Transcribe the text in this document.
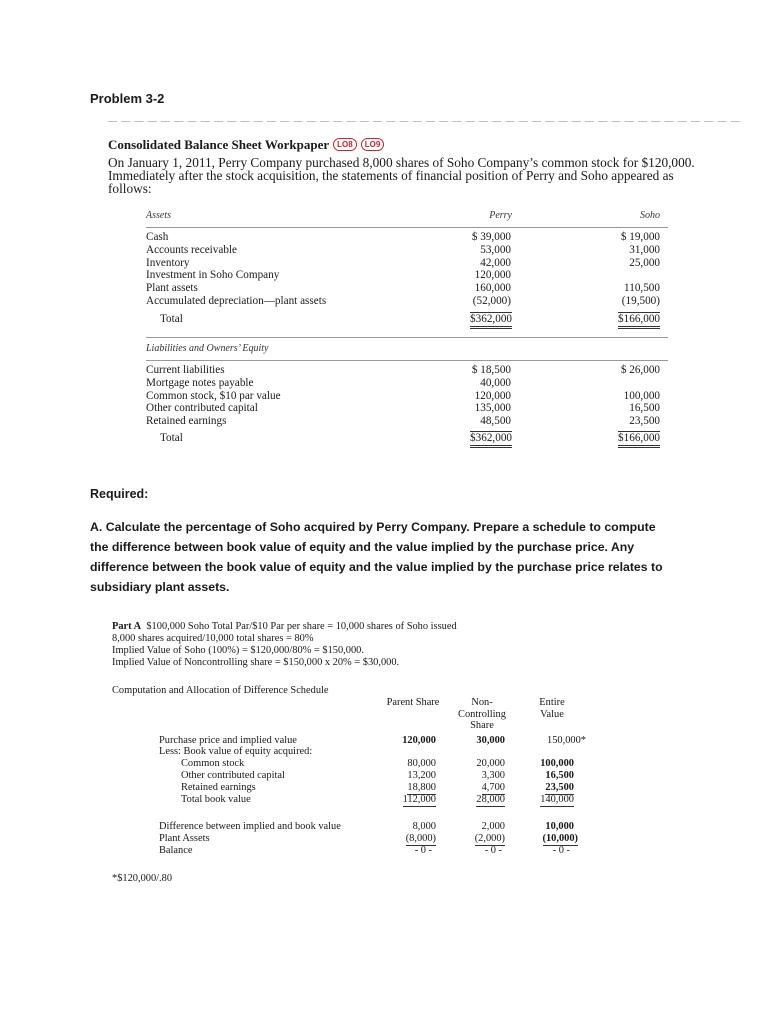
Problem 3-2
— — — — — — — — — — — — — — — — — — — — — — — — — — — — — — — — — — — — — — — — — — — — — — — —
Consolidated Balance Sheet Workpaper LO8 LO9
On January 1, 2011, Perry Company purchased 8,000 shares of Soho Company’s common stock for $120,000. Immediately after the stock acquisition, the statements of financial position of Perry and Soho appeared as follows:
Assets	Perry	Soho
Cash	$ 39,000	$ 19,000
Accounts receivable	53,000	31,000
Inventory	42,000	25,000
Investment in Soho Company	120,000
Plant assets	160,000	110,500
Accumulated depreciation—plant assets	(52,000)	(19,500)
Total	$362,000	$166,000
Liabilities and Owners’ Equity
Current liabilities	$ 18,500	$ 26,000
Mortgage notes payable	40,000
Common stock, $10 par value	120,000	100,000
Other contributed capital	135,000	16,500
Retained earnings	48,500	23,500
Total	$362,000	$166,000
Required:
A. Calculate the percentage of Soho acquired by Perry Company. Prepare a schedule to compute the difference between book value of equity and the value implied by the purchase price. Any difference between the book value of equity and the value implied by the purchase price relates to subsidiary plant assets.
Part A $100,000 Soho Total Par/$10 Par per share = 10,000 shares of Soho issued
8,000 shares acquired/10,000 total shares = 80%
Implied Value of Soho (100%) = $120,000/80% = $150,000.
Implied Value of Noncontrolling share = $150,000 x 20% = $30,000.
Computation and Allocation of Difference Schedule
Parent Share	Non-Controlling Share
Entire Value
Purchase price and implied value	120,000	30,000	150,000*
Less: Book value of equity acquired:
Common stock	80,000	20,000	100,000
Other contributed capital	13,200	3,300	16,500
Retained earnings	18,800	4,700	23,500
Total book value	112,000	28,000	140,000
Difference between implied and book value	8,000	2,000	10,000
Plant Assets	(8,000)	(2,000)	(10,000)
Balance	- 0 -	- 0 -	- 0 -
*$120,000/.80
